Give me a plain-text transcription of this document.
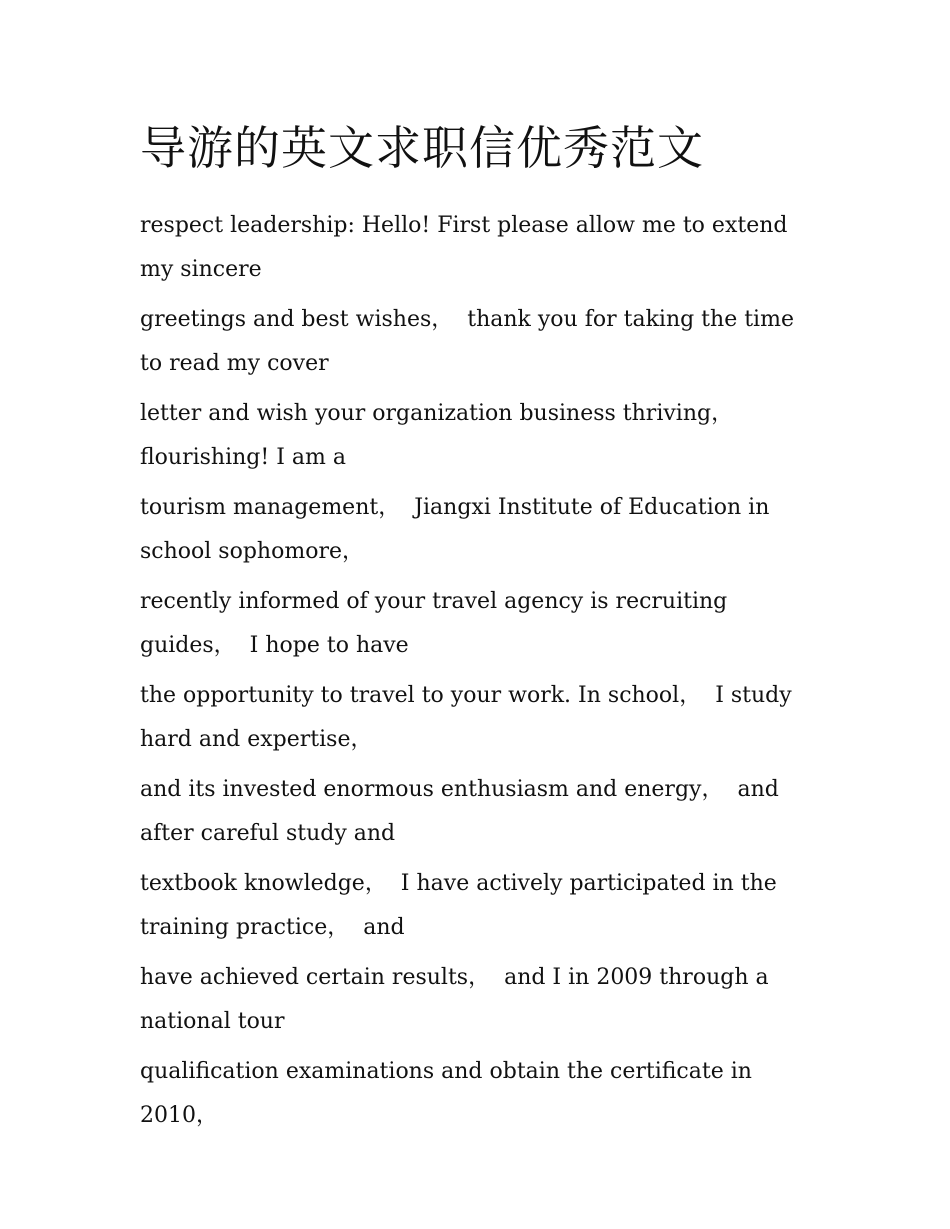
导游的英文求职信优秀范文

respect leadership: Hello! First please allow me to extend my sincere

greetings and best wishes，  thank you for taking the time to read my cover

letter and wish your organization business thriving，  flourishing! I am a

tourism management，  Jiangxi Institute of Education in school sophomore，

recently informed of your travel agency is recruiting guides，  I hope to have

the opportunity to travel to your work. In school，  I study hard and expertise，

and its invested enormous enthusiasm and energy，  and after careful study and

textbook knowledge，  I have actively participated in the training practice，  and

have achieved certain results，  and I in 2009 through a national tour

qualification examinations and obtain the certificate in 2010，
